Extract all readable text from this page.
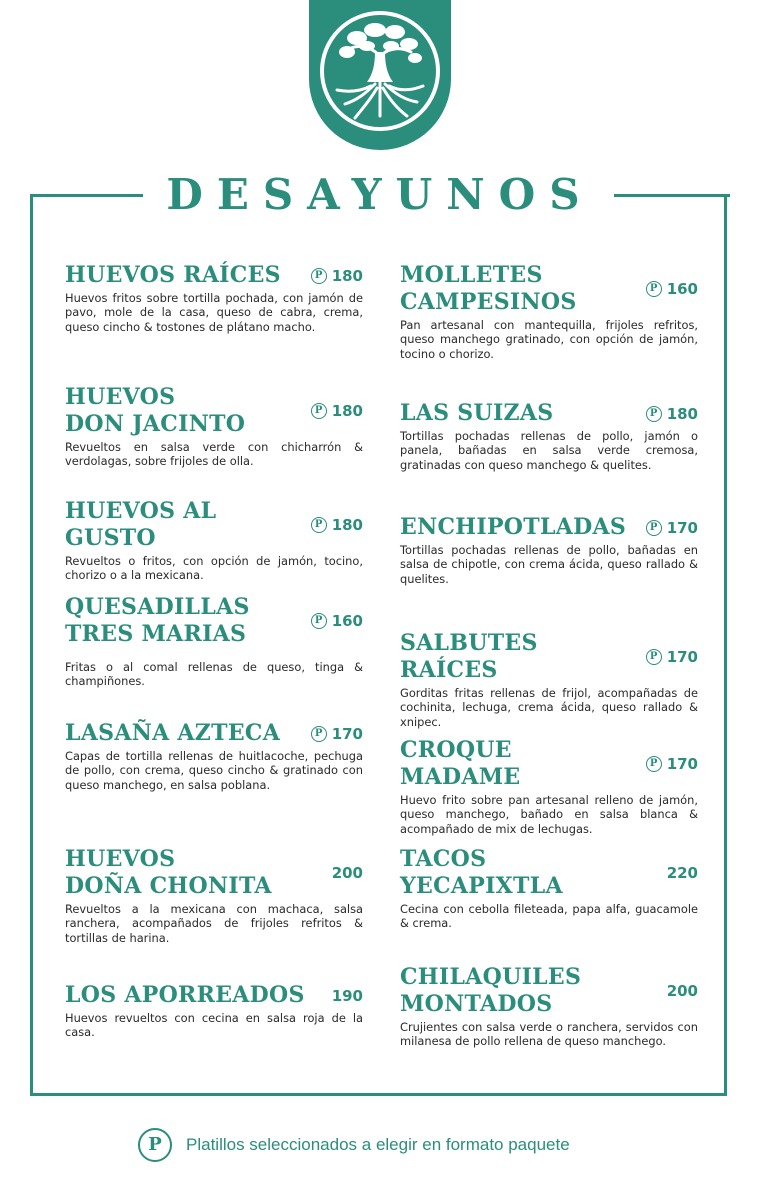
DESAYUNOS
HUEVOS RAÍCES	P 180
Huevos fritos sobre tortilla pochada, con jamón de pavo, mole de la casa, queso de cabra, crema, queso cincho & tostones de plátano macho.
HUEVOS
DON JACINTO
P 180
Revueltos en salsa verde con chicharrón & verdolagas, sobre frijoles de olla.
HUEVOS AL GUSTO
P 180
Revueltos o fritos, con opción de jamón, tocino, chorizo o a la mexicana.
QUESADILLAS
TRES MARIAS
P 160
Fritas o al comal rellenas de queso, tinga & champiñones.
LASAÑA AZTECA	P 170
Capas de tortilla rellenas de huitlacoche, pechuga de pollo, con crema, queso cincho & gratinado con queso manchego, en salsa poblana.
HUEVOS
DOÑA CHONITA	200
Revueltos a la mexicana con machaca, salsa ranchera, acompañados de frijoles refritos & tortillas de harina.
LOS APORREADOS 190
Huevos revueltos con cecina en salsa roja de la casa.
MOLLETES
CAMPESINOS
P 160
Pan artesanal con mantequilla, frijoles refritos, queso manchego gratinado, con opción de jamón, tocino o chorizo.
LAS SUIZAS	P 180
Tortillas pochadas rellenas de pollo, jamón o panela, bañadas en salsa verde cremosa, gratinadas con queso manchego & quelites.
ENCHIPOTLADAS	P 170
Tortillas pochadas rellenas de pollo, bañadas en salsa de chipotle, con crema ácida, queso rallado & quelites.
SALBUTES RAÍCES
P 170
Gorditas fritas rellenas de frijol, acompañadas de cochinita, lechuga, crema ácida, queso rallado & xnipec.
CROQUE MADAME
P 170
Huevo frito sobre pan artesanal relleno de jamón, queso manchego, bañado en salsa blanca & acompañado de mix de lechugas.
TACOS
YECAPIXTLA	220
Cecina con cebolla fileteada, papa alfa, guacamole & crema.
CHILAQUILES
MONTADOS	200
Crujientes con salsa verde o ranchera, servidos con milanesa de pollo rellena de queso manchego.
P	Platillos seleccionados a elegir en formato paquete
